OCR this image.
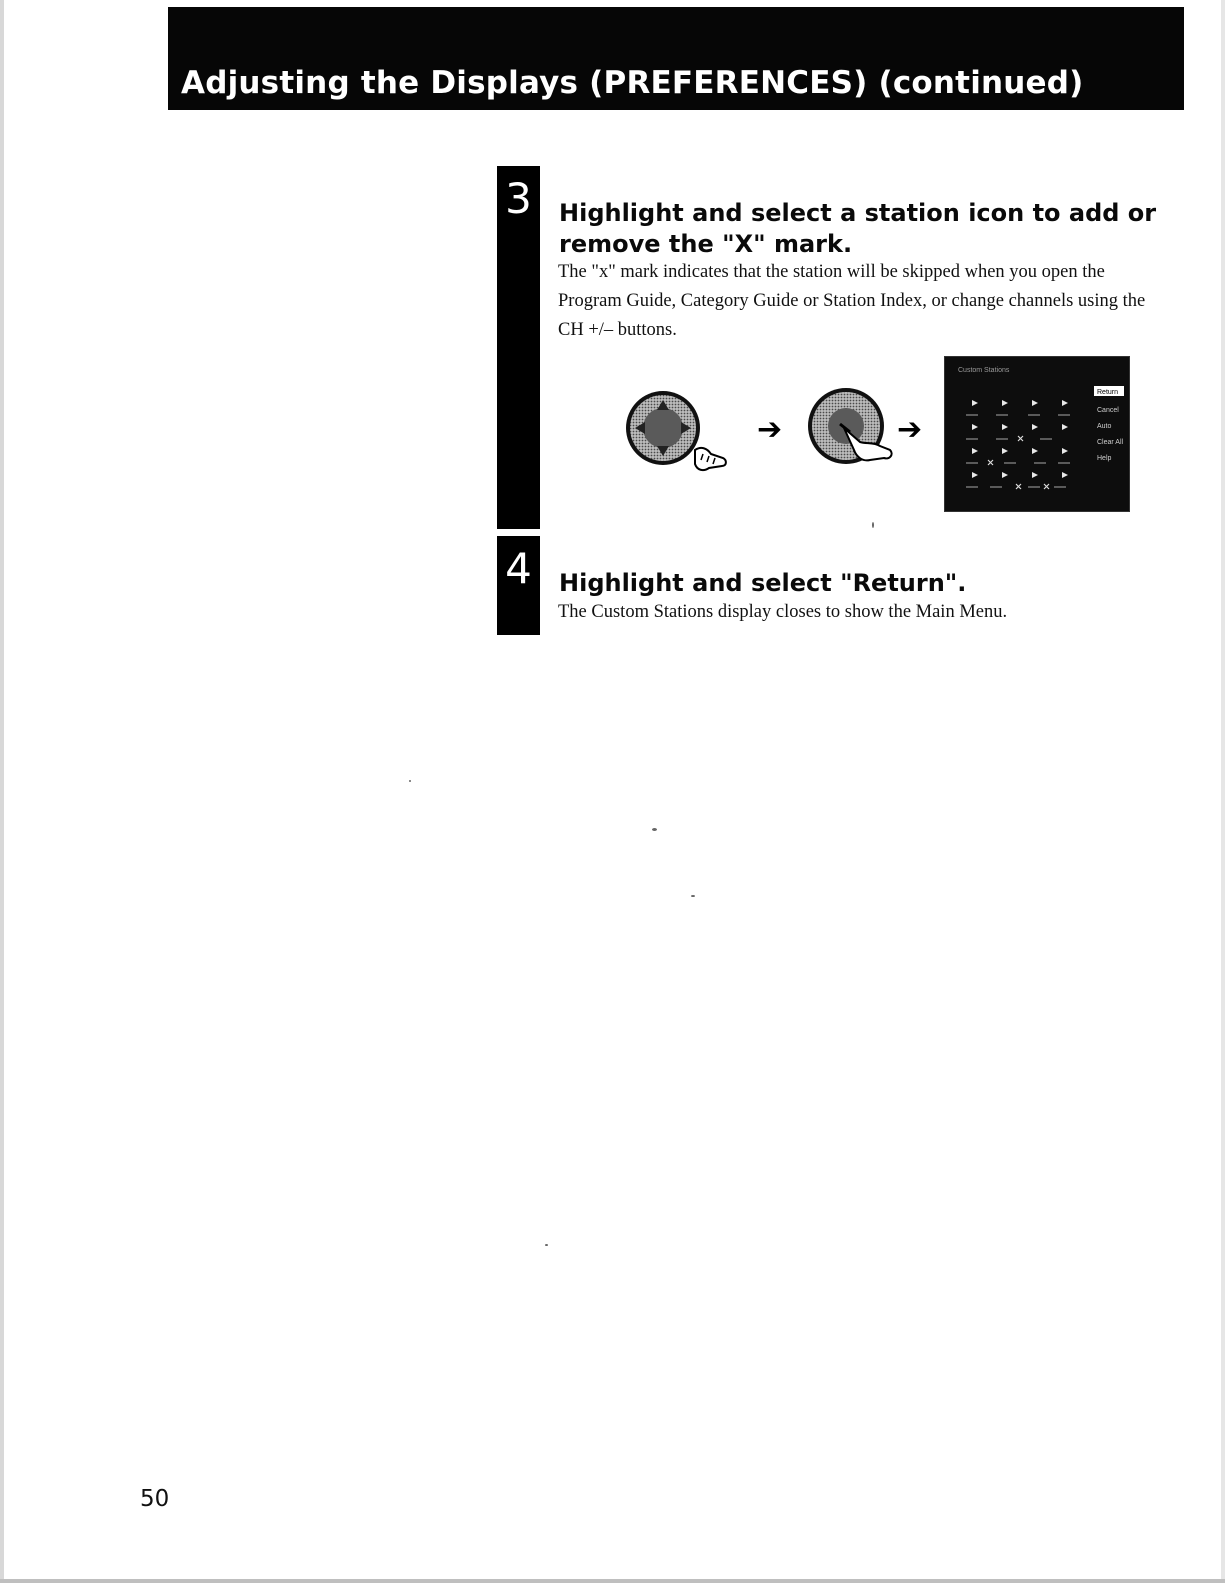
Adjusting the Displays (PREFERENCES) (continued)
3	Highlight and select a station icon to add or remove the "X" mark.

The "x" mark indicates that the station will be skipped when you open the Program Guide, Category Guide or Station Index, or change channels using the CH +/– buttons.

➔	➔
Custom Stations
Return
Cancel
Auto
Clear All
Help
4	Highlight and select "Return".

The Custom Stations display closes to show the Main Menu.

50
